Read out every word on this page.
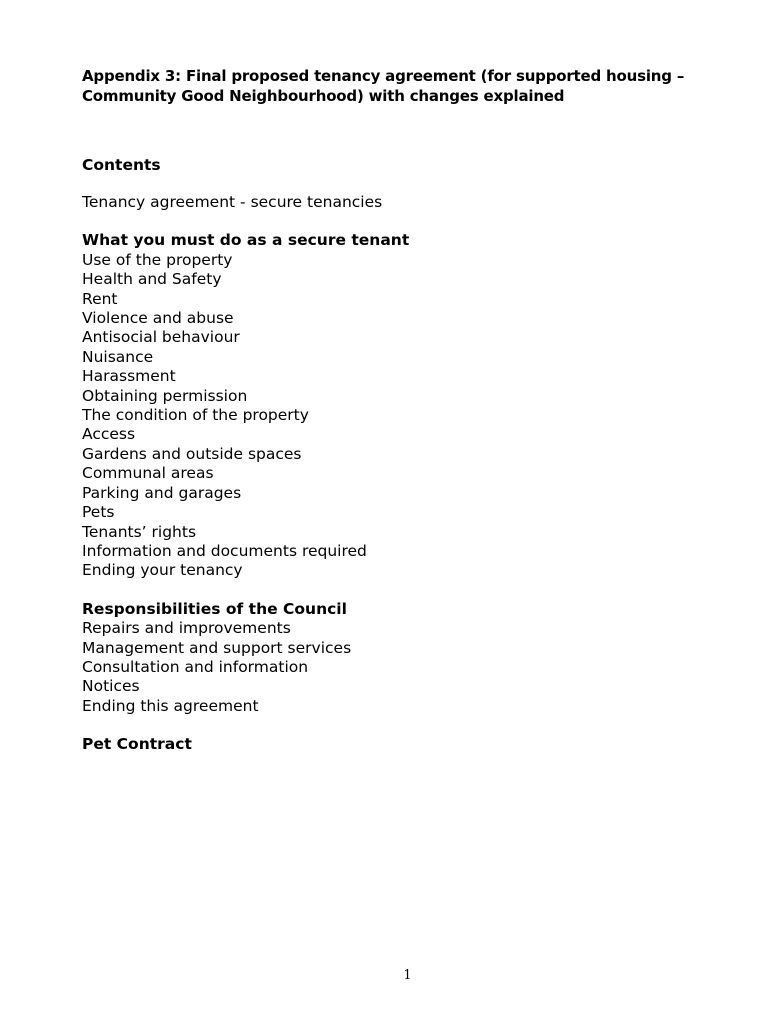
Appendix 3: Final proposed tenancy agreement (for supported housing – Community Good Neighbourhood) with changes explained

Contents
Tenancy agreement - secure tenancies
What you must do as a secure tenant
Use of the property
Health and Safety
Rent
Violence and abuse
Antisocial behaviour
Nuisance
Harassment
Obtaining permission
The condition of the property
Access
Gardens and outside spaces
Communal areas
Parking and garages
Pets
Tenants’ rights
Information and documents required
Ending your tenancy
Responsibilities of the Council
Repairs and improvements
Management and support services
Consultation and information
Notices
Ending this agreement
Pet Contract
1
